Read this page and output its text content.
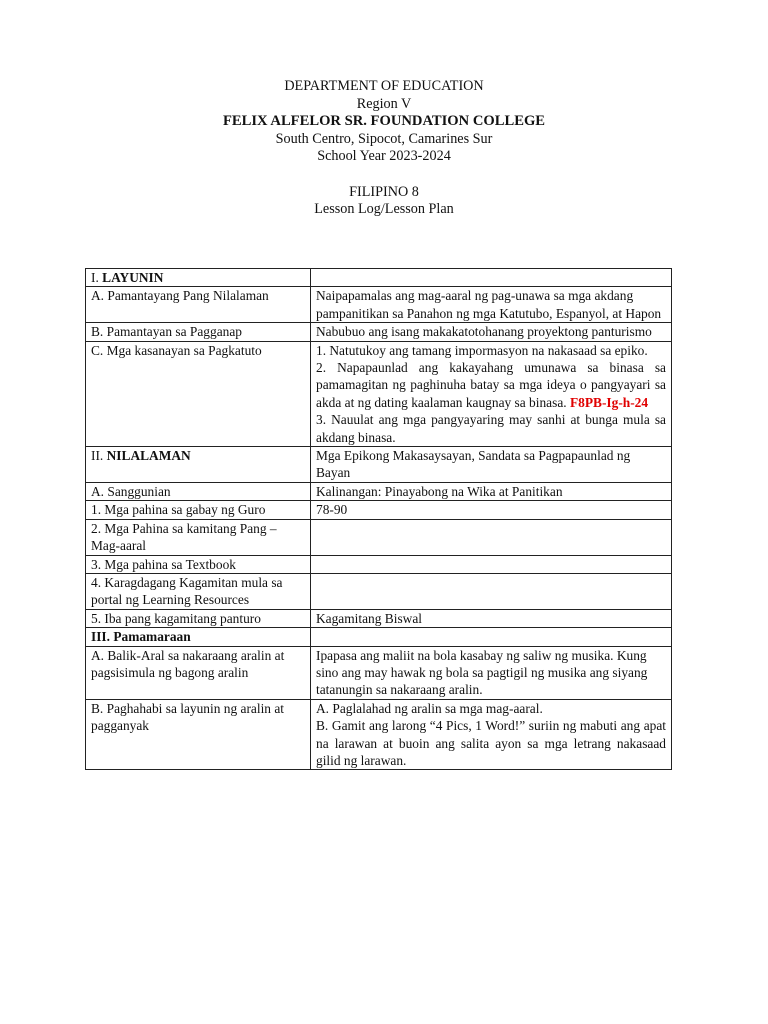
DEPARTMENT OF EDUCATION
Region V
FELIX ALFELOR SR. FOUNDATION COLLEGE
South Centro, Sipocot, Camarines Sur
School Year 2023-2024
FILIPINO 8
Lesson Log/Lesson Plan
I. LAYUNIN	
A. Pamantayang Pang Nilalaman	Naipapamalas ang mag-aaral ng pag-unawa sa mga akdang pampanitikan sa Panahon ng mga Katutubo, Espanyol, at Hapon
B. Pamantayan sa Pagganap	Nabubuo ang isang makakatotohanang proyektong panturismo
C. Mga kasanayan sa Pagkatuto	1. Natutukoy ang tamang impormasyon na nakasaad sa epiko.
2. Napapaunlad ang kakayahang umunawa sa binasa sa pamamagitan ng paghinuha batay sa mga ideya o pangyayari sa akda at ng dating kaalaman kaugnay sa binasa. F8PB-Ig-h-24
3. Nauulat ang mga pangyayaring may sanhi at bunga mula sa akdang binasa.

II. NILALAMAN	Mga Epikong Makasaysayan, Sandata sa Pagpapaunlad ng Bayan
A. Sanggunian	Kalinangan: Pinayabong na Wika at Panitikan
1. Mga pahina sa gabay ng Guro	78-90
2. Mga Pahina sa kamitang Pang – Mag-aaral	
3. Mga pahina sa Textbook	
4. Karagdagang Kagamitan mula sa portal ng Learning Resources	
5. Iba pang kagamitang panturo	Kagamitang Biswal
III. Pamamaraan	
A. Balik-Aral sa nakaraang aralin at pagsisimula ng bagong aralin	Ipapasa ang maliit na bola kasabay ng saliw ng musika. Kung sino ang may hawak ng bola sa pagtigil ng musika ang siyang tatanungin sa nakaraang aralin.
B. Paghahabi sa layunin ng aralin at pagganyak	A. Paglalahad ng aralin sa mga mag-aaral.
B. Gamit ang larong “4 Pics, 1 Word!” suriin ng mabuti ang apat na larawan at buoin ang salita ayon sa mga letrang nakasaad gilid ng larawan.
